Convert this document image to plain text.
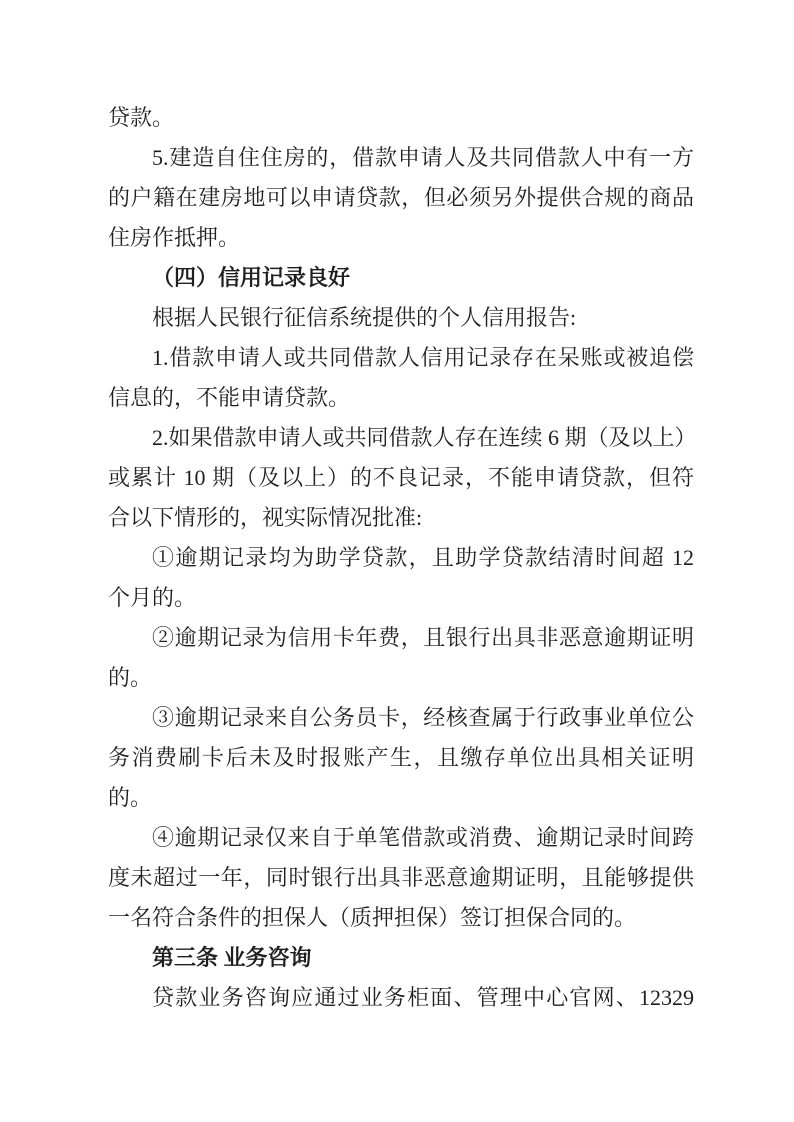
贷款。
5.建造自住住房的，借款申请人及共同借款人中有一方
的户籍在建房地可以申请贷款，但必须另外提供合规的商品
住房作抵押。
（四）信用记录良好
根据人民银行征信系统提供的个人信用报告:
1.借款申请人或共同借款人信用记录存在呆账或被追偿
信息的，不能申请贷款。
2.如果借款申请人或共同借款人存在连续 6 期（及以上）
或累计 10 期（及以上）的不良记录，不能申请贷款，但符
合以下情形的，视实际情况批准:
①逾期记录均为助学贷款，且助学贷款结清时间超 12
个月的。
②逾期记录为信用卡年费，且银行出具非恶意逾期证明
的。
③逾期记录来自公务员卡，经核查属于行政事业单位公
务消费刷卡后未及时报账产生，且缴存单位出具相关证明
的。
④逾期记录仅来自于单笔借款或消费、逾期记录时间跨
度未超过一年，同时银行出具非恶意逾期证明，且能够提供
一名符合条件的担保人（质押担保）签订担保合同的。
第三条 业务咨询
贷款业务咨询应通过业务柜面、管理中心官网、12329
